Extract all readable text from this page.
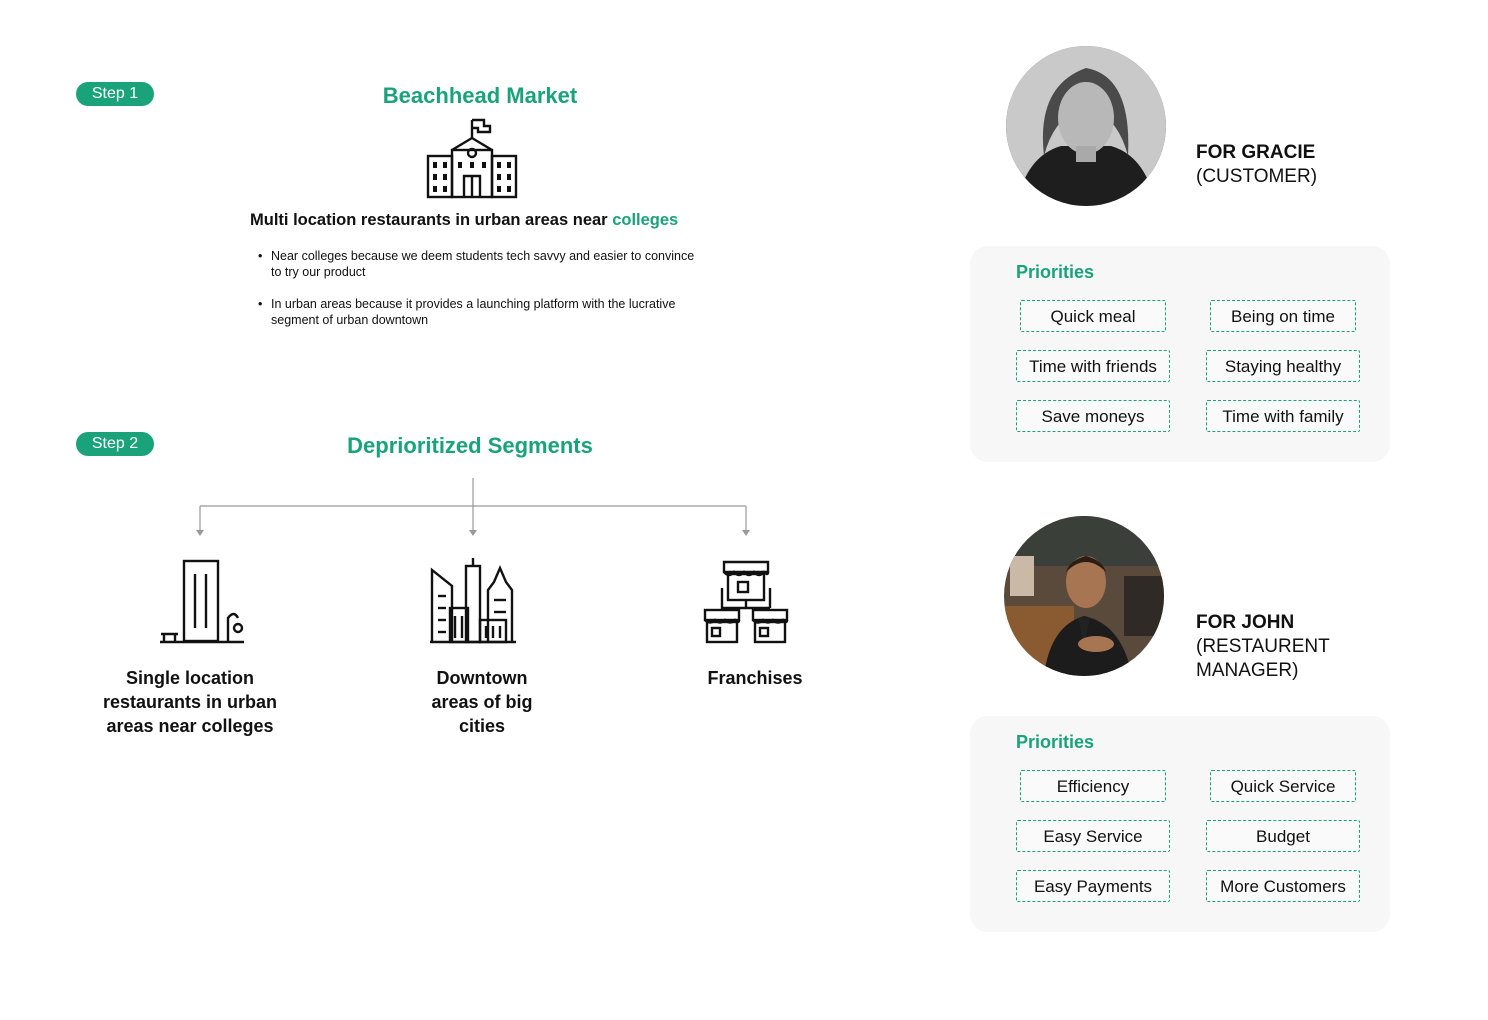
Step 1	Beachhead Market
Multi location restaurants in urban areas near colleges
• Near colleges because we deem students tech savvy and easier to convince to try our product
• In urban areas because it provides a launching platform with the lucrative segment of urban downtown
Step 2	Deprioritized Segments
Single location restaurants in urban areas near colleges
Downtown areas of big cities
Franchises
FOR GRACIE
(CUSTOMER)
Priorities
Quick meal	Being on time
Time with friends	Staying healthy
Save moneys	Time with family
FOR JOHN
(RESTAURENT
MANAGER)
Priorities
Efficiency	Quick Service
Easy Service	Budget
Easy Payments	More Customers
